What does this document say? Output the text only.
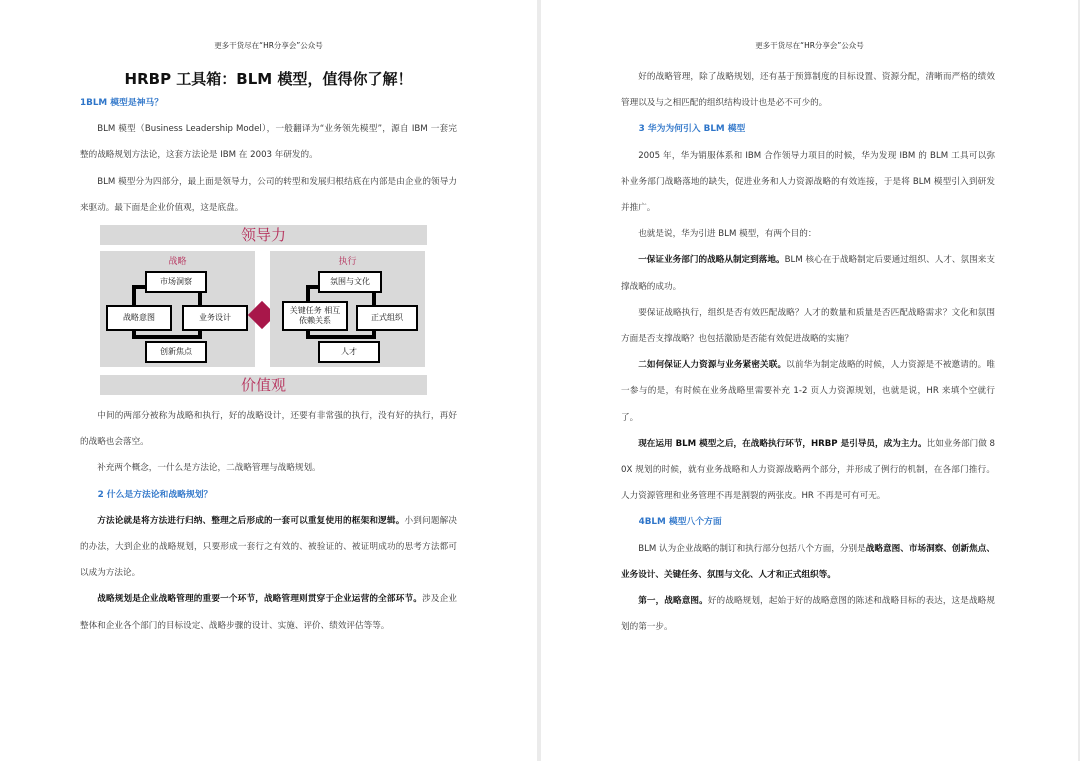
更多干货尽在“HR分享会”公众号
HRBP 工具箱：BLM 模型，值得你了解！

1BLM 模型是神马？

BLM 模型（Business Leadership Model），一般翻译为“业务领先模型”，源自 IBM 一套完整的战略规划方法论，这套方法论是 IBM 在 2003 年研发的。

BLM 模型分为四部分，最上面是领导力，公司的转型和发展归根结底在内部是由企业的领导力来驱动。最下面是企业价值观，这是底盘。

领导力
战略
市场洞察
战略意图	业务设计
创新焦点
执行
氛围与文化
关键任务 相互依赖关系	正式组织
人才
价值观

中间的两部分被称为战略和执行，好的战略设计，还要有非常强的执行，没有好的执行，再好的战略也会落空。

补充两个概念，一什么是方法论，二战略管理与战略规划。

2 什么是方法论和战略规划？

方法论就是将方法进行归纳、整理之后形成的一套可以重复使用的框架和逻辑。小到问题解决的办法，大到企业的战略规划，只要形成一套行之有效的、被验证的、被证明成功的思考方法都可以成为方法论。

战略规划是企业战略管理的重要一个环节，战略管理则贯穿于企业运营的全部环节。涉及企业整体和企业各个部门的目标设定、战略步骤的设计、实施、评价、绩效评估等等。

更多干货尽在“HR分享会”公众号

好的战略管理，除了战略规划，还有基于预算制度的目标设置、资源分配，清晰而严格的绩效管理以及与之相匹配的组织结构设计也是必不可少的。

3 华为为何引入 BLM 模型

2005 年，华为销服体系和 IBM 合作领导力项目的时候，华为发现 IBM 的 BLM 工具可以弥补业务部门战略落地的缺失，促进业务和人力资源战略的有效连接，于是将 BLM 模型引入到研发并推广。

也就是说，华为引进 BLM 模型，有两个目的：

一保证业务部门的战略从制定到落地。BLM 核心在于战略制定后要通过组织、人才、氛围来支撑战略的成功。

要保证战略执行，组织是否有效匹配战略？人才的数量和质量是否匹配战略需求？文化和氛围方面是否支撑战略？也包括激励是否能有效促进战略的实施？

二如何保证人力资源与业务紧密关联。以前华为制定战略的时候，人力资源是不被邀请的。唯一参与的是，有时候在业务战略里需要补充 1-2 页人力资源规划，也就是说，HR 来填个空就行了。

现在运用 BLM 模型之后，在战略执行环节，HRBP 是引导员，成为主力。比如业务部门做 80X 规划的时候，就有业务战略和人力资源战略两个部分，并形成了例行的机制，在各部门推行。人力资源管理和业务管理不再是割裂的两张皮。HR 不再是可有可无。

4BLM 模型八个方面

BLM 认为企业战略的制订和执行部分包括八个方面，分别是战略意图、市场洞察、创新焦点、业务设计、关键任务、氛围与文化、人才和正式组织等。

第一，战略意图。好的战略规划，起始于好的战略意图的陈述和战略目标的表达，这是战略规划的第一步。
